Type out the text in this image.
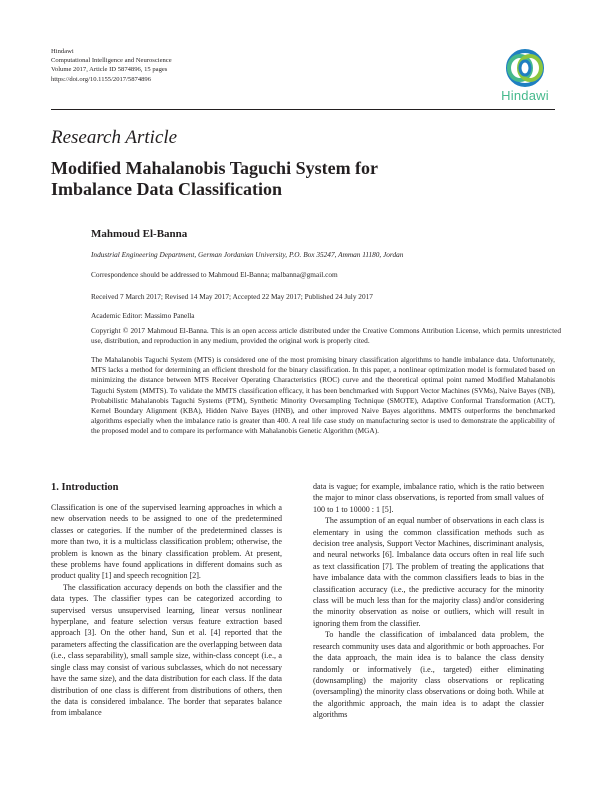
Hindawi
Computational Intelligence and Neuroscience
Volume 2017, Article ID 5874896, 15 pages
https://doi.org/10.1155/2017/5874896
Hindawi
Research Article
Modified Mahalanobis Taguchi System for
Imbalance Data Classification
Mahmoud El-Banna
Industrial Engineering Department, German Jordanian University, P.O. Box 35247, Amman 11180, Jordan
Correspondence should be addressed to Mahmoud El-Banna; malbanna@gmail.com
Received 7 March 2017; Revised 14 May 2017; Accepted 22 May 2017; Published 24 July 2017
Academic Editor: Massimo Panella
Copyright © 2017 Mahmoud El-Banna. This is an open access article distributed under the Creative Commons Attribution License, which permits unrestricted use, distribution, and reproduction in any medium, provided the original work is properly cited.
The Mahalanobis Taguchi System (MTS) is considered one of the most promising binary classification algorithms to handle imbalance data. Unfortunately, MTS lacks a method for determining an efficient threshold for the binary classification. In this paper, a nonlinear optimization model is formulated based on minimizing the distance between MTS Receiver Operating Characteristics (ROC) curve and the theoretical optimal point named Modified Mahalanobis Taguchi System (MMTS). To validate the MMTS classification efficacy, it has been benchmarked with Support Vector Machines (SVMs), Naive Bayes (NB), Probabilistic Mahalanobis Taguchi Systems (PTM), Synthetic Minority Oversampling Technique (SMOTE), Adaptive Conformal Transformation (ACT), Kernel Boundary Alignment (KBA), Hidden Naive Bayes (HNB), and other improved Naive Bayes algorithms. MMTS outperforms the benchmarked algorithms especially when the imbalance ratio is greater than 400. A real life case study on manufacturing sector is used to demonstrate the applicability of the proposed model and to compare its performance with Mahalanobis Genetic Algorithm (MGA).
1. Introduction

Classification is one of the supervised learning approaches in which a new observation needs to be assigned to one of the predetermined classes or categories. If the number of the predetermined classes is more than two, it is a multiclass classification problem; otherwise, the problem is known as the binary classification problem. At present, these problems have found applications in different domains such as product quality [1] and speech recognition [2].

The classification accuracy depends on both the classifier and the data types. The classifier types can be categorized according to supervised versus unsupervised learning, linear versus nonlinear hyperplane, and feature selection versus feature extraction based approach [3]. On the other hand, Sun et al. [4] reported that the parameters affecting the classification are the overlapping between data (i.e., class separability), small sample size, within-class concept (i.e., a single class may consist of various subclasses, which do not necessary have the same size), and the data distribution for each class. If the data distribution of one class is different from distributions of others, then the data is considered imbalance. The border that separates balance from imbalance

data is vague; for example, imbalance ratio, which is the ratio between the major to minor class observations, is reported from small values of 100 to 1 to 10000 : 1 [5].

The assumption of an equal number of observations in each class is elementary in using the common classification methods such as decision tree analysis, Support Vector Machines, discriminant analysis, and neural networks [6]. Imbalance data occurs often in real life such as text classification [7]. The problem of treating the applications that have imbalance data with the common classifiers leads to bias in the classification accuracy (i.e., the predictive accuracy for the minority class will be much less than for the majority class) and/or considering the minority observation as noise or outliers, which will result in ignoring them from the classifier.

To handle the classification of imbalanced data problem, the research community uses data and algorithmic or both approaches. For the data approach, the main idea is to balance the class density randomly or informatively (i.e., targeted) either eliminating (downsampling) the majority class observations or replicating (oversampling) the minority class observations or doing both. While at the algorithmic approach, the main idea is to adapt the classier algorithms
